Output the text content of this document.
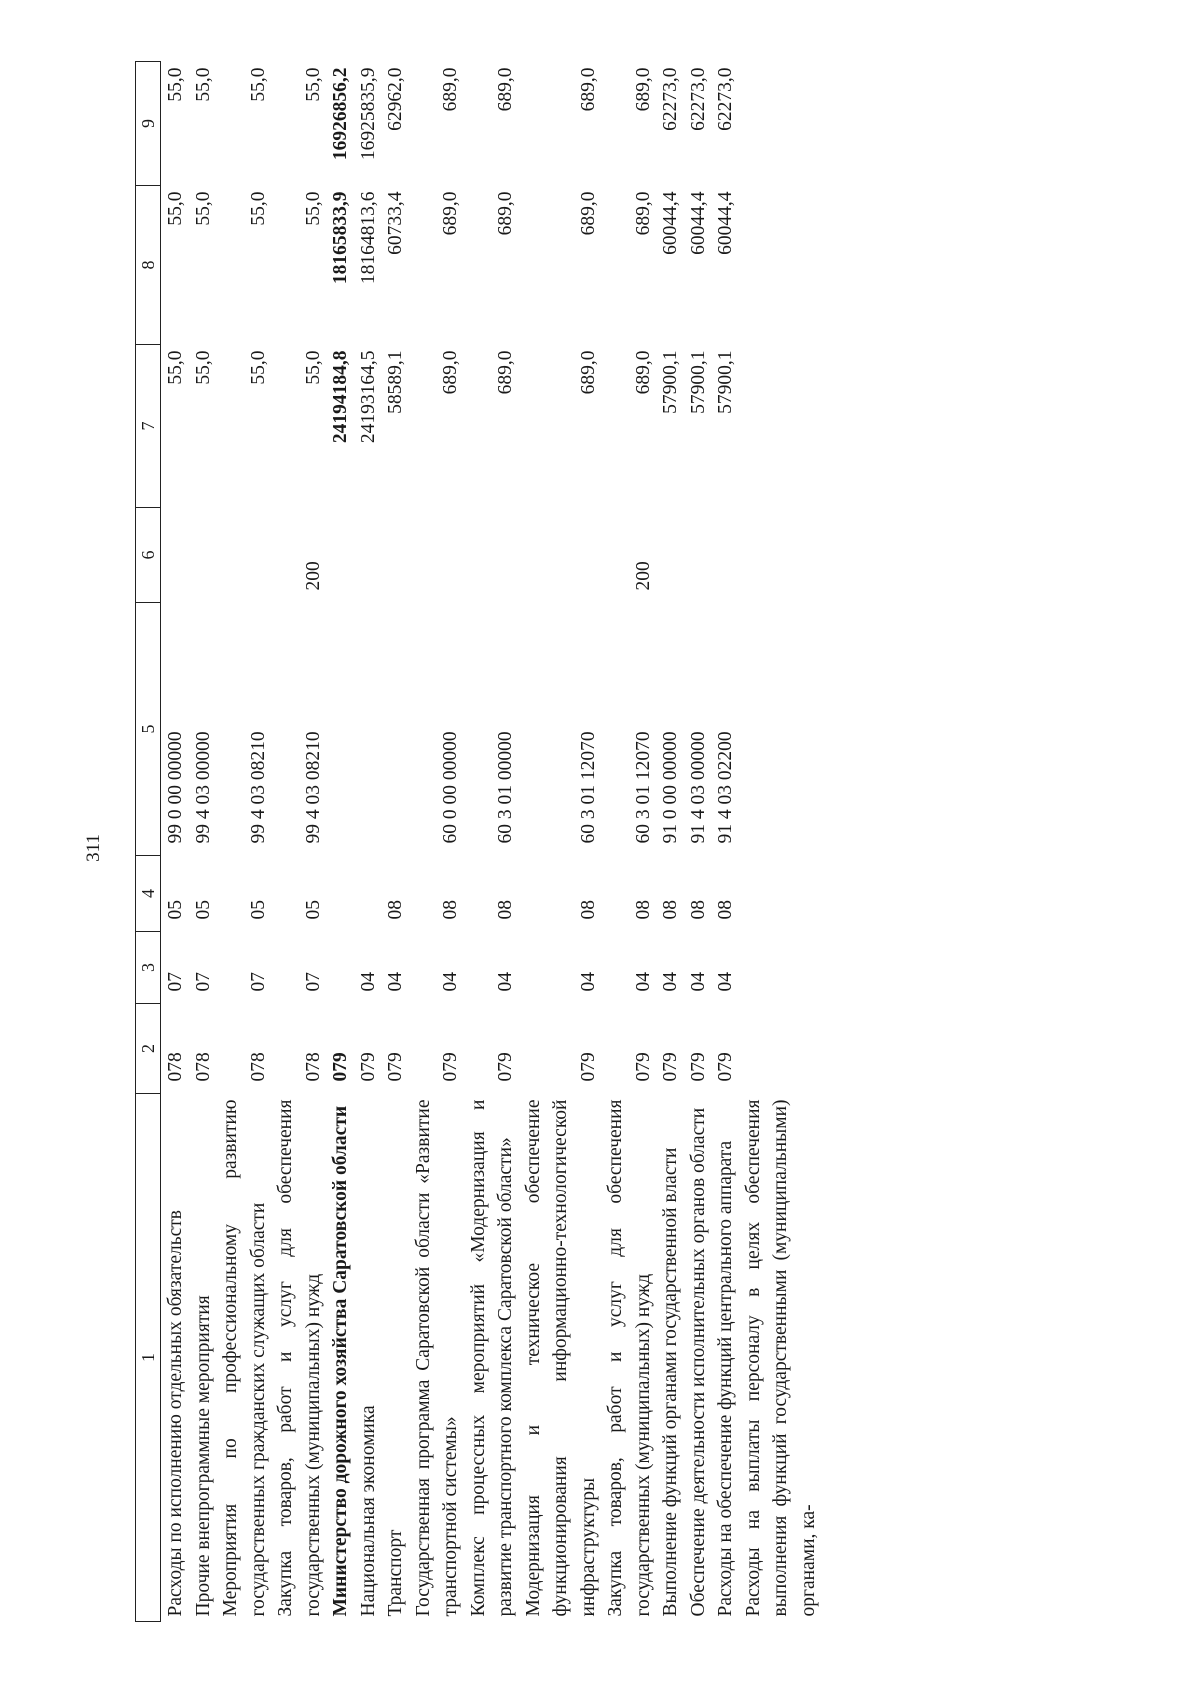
311
1	2	3	4	5	6	7	8	9
Расходы по исполнению отдельных обязательств	078	07	05	99 0 00 00000		55,0	55,0	55,0
Прочие внепрограммные мероприятия	078	07	05	99 4 03 00000		55,0	55,0	55,0
Мероприятия по профессиональному развитию государственных гражданских служащих области	078	07	05	99 4 03 08210		55,0	55,0	55,0
Закупка товаров, работ и услуг для обеспечения государственных (муниципальных) нужд	078	07	05	99 4 03 08210	200	55,0	55,0	55,0
Министерство дорожного хозяйства Саратовской области	079					24194184,8	18165833,9	16926856,2
Национальная экономика	079	04				24193164,5	18164813,6	16925835,9
Транспорт	079	04	08			58589,1	60733,4	62962,0
Государственная программа Саратовской области «Развитие транспортной системы»	079	04	08	60 0 00 00000		689,0	689,0	689,0
Комплекс процессных мероприятий «Модернизация и развитие транспортного комплекса Саратовской области»	079	04	08	60 3 01 00000		689,0	689,0	689,0
Модернизация и техническое обеспечение функционирования информационно-технологической инфраструктуры	079	04	08	60 3 01 12070		689,0	689,0	689,0
Закупка товаров, работ и услуг для обеспечения государственных (муниципальных) нужд	079	04	08	60 3 01 12070	200	689,0	689,0	689,0
Выполнение функций органами государственной власти	079	04	08	91 0 00 00000		57900,1	60044,4	62273,0
Обеспечение деятельности исполнительных органов области	079	04	08	91 4 03 00000		57900,1	60044,4	62273,0
Расходы на обеспечение функций центрального аппарата	079	04	08	91 4 03 02200		57900,1	60044,4	62273,0
Расходы на выплаты персоналу в целях обеспечения выполнения функций государственными (муниципальными) органами, ка-								
